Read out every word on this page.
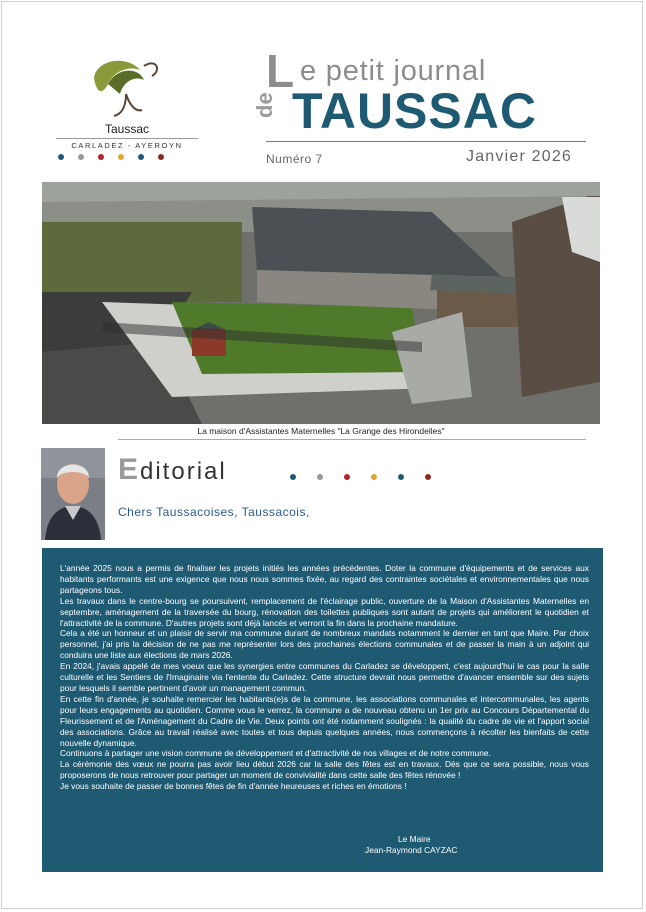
Taussac
CARLADEZ - AYEROYN
L e petit journal
de TAUSSAC
Numéro 7	Janvier 2026
La maison d'Assistantes Maternelles "La Grange des Hirondelles"
E ditorial
Chers Taussacoises, Taussacois,

L'année 2025 nous a permis de finaliser les projets initiés les années précédentes. Doter la commune d'équipements et de services aux habitants performants est une exigence que nous nous sommes fixée, au regard des contraintes sociétales et environnementales que nous partageons tous.

Les travaux dans le centre-bourg se poursuivent, remplacement de l'éclairage public, ouverture de la Maison d'Assistantes Maternelles en septembre, aménagement de la traversée du bourg, rénovation des toilettes publiques sont autant de projets qui améliorent le quotidien et l'attractivité de la commune. D'autres projets sont déjà lancés et verront la fin dans la prochaine mandature.

Cela a été un honneur et un plaisir de servir ma commune durant de nombreux mandats notamment le dernier en tant que Maire. Par choix personnel, j'ai pris la décision de ne pas me représenter lors des prochaines élections communales et de passer la main à un adjoint qui conduira une liste aux élections de mars 2026.

En 2024, j'avais appelé de mes voeux que les synergies entre communes du Carladez se développent, c'est aujourd'hui le cas pour la salle culturelle et les Sentiers de l'Imaginaire via l'entente du Carladez. Cette structure devrait nous permettre d'avancer ensemble sur des sujets pour lesquels il semble pertinent d'avoir un management commun.

En cette fin d'année, je souhaite remercier les habitants(e)s de la commune, les associations communales et intercommunales, les agents pour leurs engagements au quotidien. Comme vous le verrez, la commune a de nouveau obtenu un 1er prix au Concours Départemental du Fleurissement et de l'Aménagement du Cadre de Vie. Deux points ont été notamment soulignés : la qualité du cadre de vie et l'apport social des associations. Grâce au travail réalisé avec toutes et tous depuis quelques années, nous commençons à récolter les bienfaits de cette nouvelle dynamique.

Continuons à partager une vision commune de développement et d'attractivité de nos villages et de notre commune.

La cérémonie des vœux ne pourra pas avoir lieu début 2026 car la salle des fêtes est en travaux. Dès que ce sera possible, nous vous proposerons de nous retrouver pour partager un moment de convivialité dans cette salle des fêtes rénovée !

Je vous souhaite de passer de bonnes fêtes de fin d'année heureuses et riches en émotions !

Le Maire
Jean-Raymond CAYZAC
